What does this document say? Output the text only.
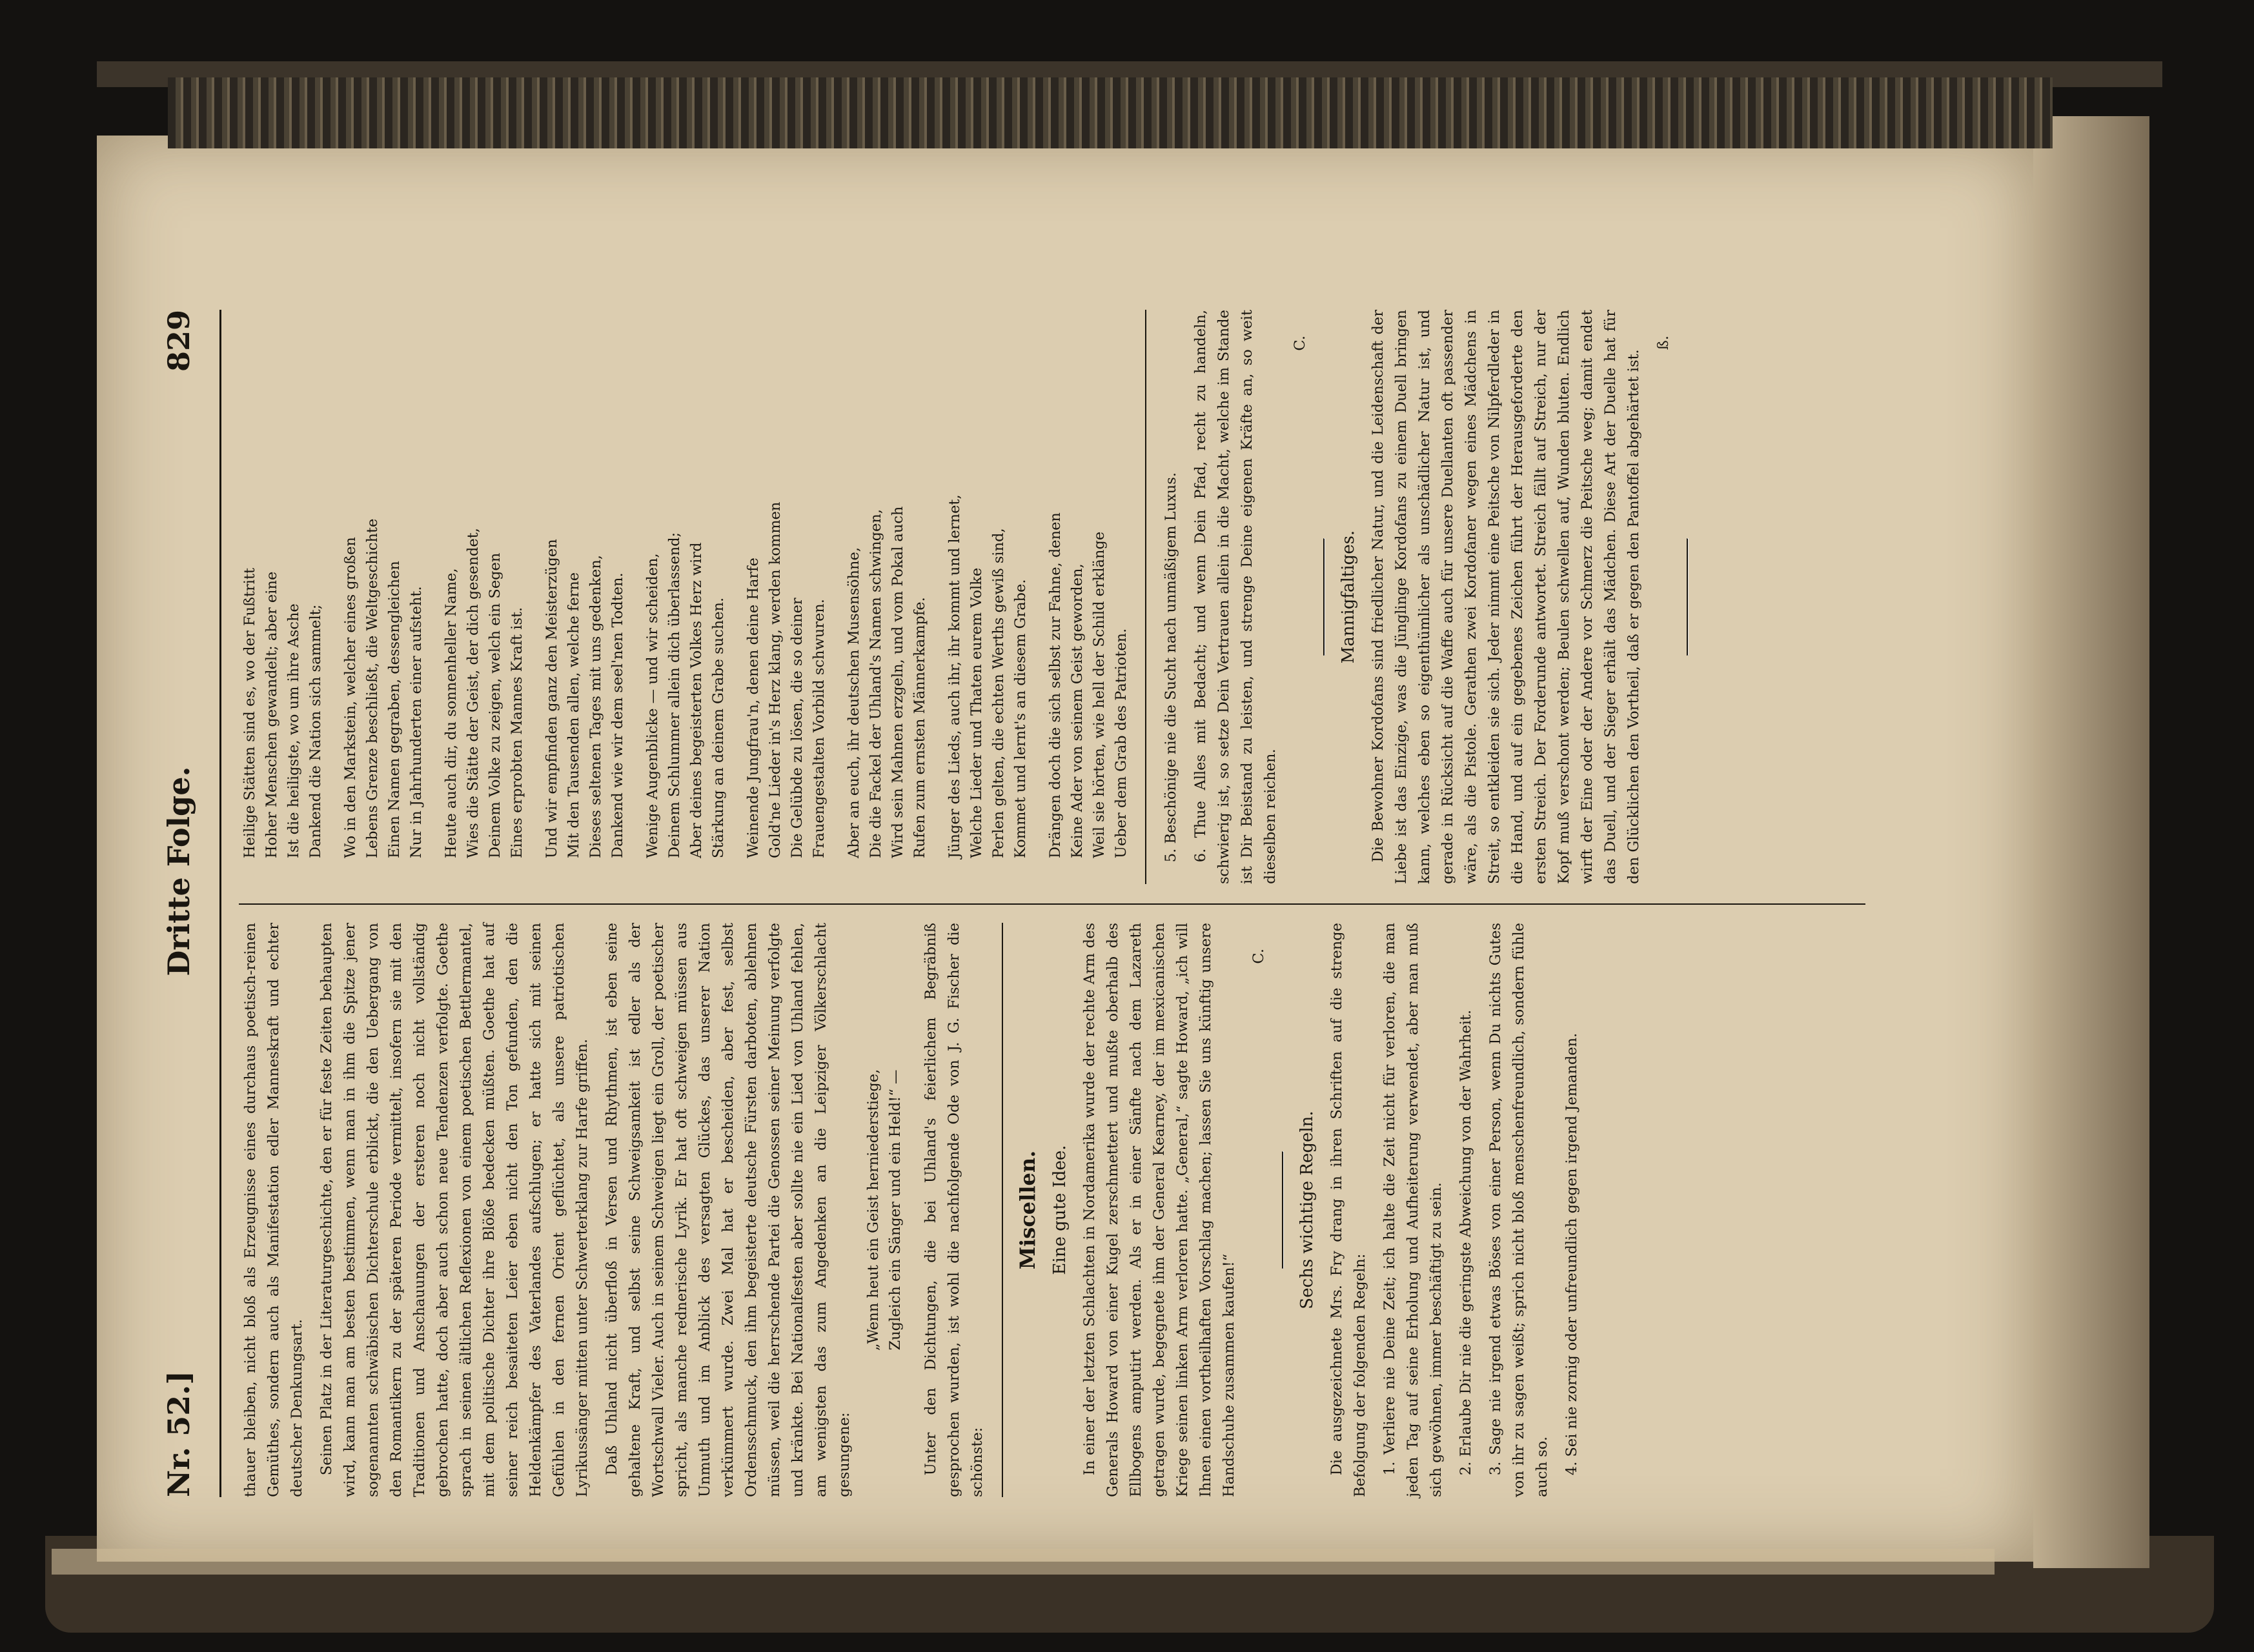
Nr. 52.]
Dritte Folge.
829

thauer bleiben, nicht bloß als Erzeugnisse eines durchaus poetisch-reinen Gemüthes, sondern auch als Manifestation edler Manneskraft und echter deutscher Denkungsart. Seinen Platz in der Literaturgeschichte, den er für feste Zeiten behaupten wird, kann man am besten bestimmen, wenn man in ihm die Spitze jener sogenannten schwäbischen Dichterschule erblickt, die den Uebergang von den Romantikern zu der späteren Periode vermittelt, insofern sie mit den Traditionen und Anschauungen der ersteren noch nicht vollständig gebrochen hatte, doch aber auch schon neue Tendenzen verfolgte. Goethe sprach in seinen ältlichen Reflexionen von einem poetischen Bettlermantel, mit dem politische Dichter ihre Blöße bedecken müßten. Goethe hat auf seiner reich besaiteten Leier eben nicht den Ton gefunden, den die Heldenkämpfer des Vaterlandes aufschlugen; er hatte sich mit seinen Gefühlen in den fernen Orient geflüchtet, als unsere patriotischen Lyrikussänger mitten unter Schwerterklang zur Harfe griffen. Daß Uhland nicht überfloß in Versen und Rhythmen, ist eben seine gehaltene Kraft, und selbst seine Schweigsamkeit ist edler als der Wortschwall Vieler. Auch in seinem Schweigen liegt ein Groll, der poetischer spricht, als manche rednerische Lyrik. Er hat oft schweigen müssen aus Unmuth und im Anblick des versagten Glückes, das unserer Nation verkümmert wurde. Zwei Mal hat er bescheiden, aber fest, selbst Ordensschmuck, den ihm begeisterte deutsche Fürsten darboten, ablehnen müssen, weil die herrschende Partei die Genossen seiner Meinung verfolgte und kränkte. Bei Nationalfesten aber sollte nie ein Lied von Uhland fehlen, am wenigsten das zum Angedenken an die Leipziger Völkerschlacht gesungene:

„Wenn heut ein Geist herniederstiege,
Zugleich ein Sänger und ein Held!“ — Unter den Dichtungen, die bei Uhland's feierlichem Begräbniß gesprochen wurden, ist wohl die nachfolgende Ode von J. G. Fischer die schönste:

Miscellen. Eine gute Idee. In einer der letzten Schlachten in Nordamerika wurde der rechte Arm des Generals Howard von einer Kugel zerschmettert und mußte oberhalb des Ellbogens amputirt werden. Als er in einer Sänfte nach dem Lazareth getragen wurde, begegnete ihm der General Kearney, der im mexicanischen Kriege seinen linken Arm verloren hatte. „General,“ sagte Howard, „ich will Ihnen einen vortheilhaften Vorschlag machen; lassen Sie uns künftig unsere Handschuhe zusammen kaufen!“

C.
Sechs wichtige Regeln. Die ausgezeichnete Mrs. Fry drang in ihren Schriften auf die strenge Befolgung der folgenden Regeln: 1. Verliere nie Deine Zeit; ich halte die Zeit nicht für verloren, die man jeden Tag auf seine Erholung und Aufheiterung verwendet, aber man muß sich gewöhnen, immer beschäftigt zu sein. 2. Erlaube Dir nie die geringste Abweichung von der Wahrheit. 3. Sage nie irgend etwas Böses von einer Person, wenn Du nichts Gutes von ihr zu sagen weißt; sprich nicht bloß menschenfreundlich, sondern fühle auch so. 4. Sei nie zornig oder unfreundlich gegen irgend Jemanden.

Heilige Stätten sind es, wo der Fußtritt
Hoher Menschen gewandelt; aber eine
Ist die heiligste, wo um ihre Asche
Dankend die Nation sich sammelt;
Wo in den Markstein, welcher eines großen
Lebens Grenze beschließt, die Weltgeschichte
Einen Namen gegraben, dessengleichen
Nur in Jahrhunderten einer aufsteht.
Heute auch dir, du sonnenheller Name,
Wies die Stätte der Geist, der dich gesendet,
Deinem Volke zu zeigen, welch ein Segen
Eines erprobten Mannes Kraft ist.
Und wir empfinden ganz den Meisterzügen
Mit den Tausenden allen, welche ferne
Dieses seltenen Tages mit uns gedenken,
Dankend wie wir dem seel'nen Todten.
Wenige Augenblicke — und wir scheiden,
Deinem Schlummer allein dich überlassend;
Aber deines begeisterten Volkes Herz wird
Stärkung an deinem Grabe suchen.
Weinende Jungfrau'n, denen deine Harfe
Gold'ne Lieder in's Herz klang, werden kommen
Die Gelübde zu lösen, die so deiner
Frauengestalten Vorbild schwuren.
Aber an euch, ihr deutschen Musensöhne,
Die die Fackel der Uhland's Namen schwingen,
Wird sein Mahnen erzgeln, und vom Pokal auch
Rufen zum ernsten Männerkampfe.
Jünger des Lieds, auch ihr, ihr kommt und lernet,
Welche Lieder und Thaten eurem Volke
Perlen gelten, die echten Werths gewiß sind,
Kommet und lernt's an diesem Grabe.
Drängen doch die sich selbst zur Fahne, denen
Keine Ader von seinem Geist geworden,
Weil sie hörten, wie hell der Schild erklänge
Ueber dem Grab des Patrioten. 5. Beschönige nie die Sucht nach unmäßigem Luxus. 6. Thue Alles mit Bedacht; und wenn Dein Pfad, recht zu handeln, schwierig ist, so setze Dein Vertrauen allein in die Macht, welche im Stande ist Dir Beistand zu leisten, und strenge Deine eigenen Kräfte an, so weit dieselben reichen.

C.
Mannigfaltiges. Die Bewohner Kordofans sind friedlicher Natur, und die Leidenschaft der Liebe ist das Einzige, was die Jünglinge Kordofans zu einem Duell bringen kann, welches eben so eigenthümlicher als unschädlicher Natur ist, und gerade in Rücksicht auf die Waffe auch für unsere Duellanten oft passender wäre, als die Pistole. Gerathen zwei Kordofaner wegen eines Mädchens in Streit, so entkleiden sie sich. Jeder nimmt eine Peitsche von Nilpferdleder in die Hand, und auf ein gegebenes Zeichen führt der Herausgeforderte den ersten Streich. Der Forderunde antwortet. Streich fällt auf Streich, nur der Kopf muß verschont werden; Beulen schwellen auf, Wunden bluten. Endlich wirft der Eine oder der Andere vor Schmerz die Peitsche weg; damit endet das Duell, und der Sieger erhält das Mädchen. Diese Art der Duelle hat für den Glücklichen den Vortheil, daß er gegen den Pantoffel abgehärtet ist.

ß.
